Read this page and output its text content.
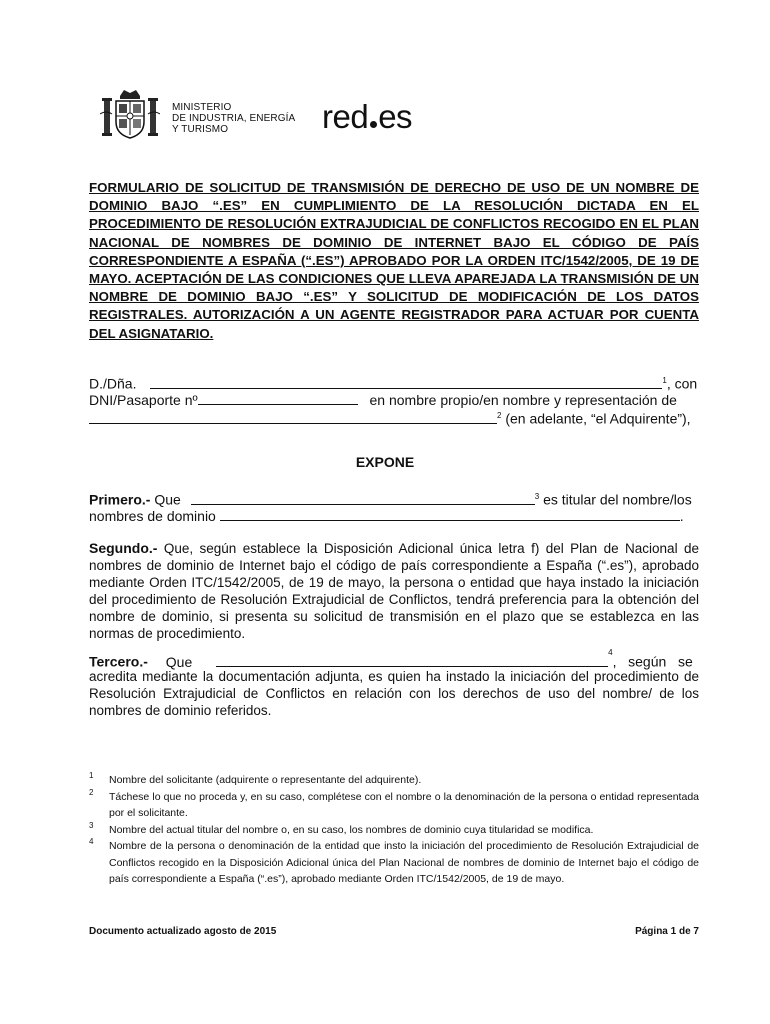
MINISTERIO
DE INDUSTRIA, ENERGÍA
Y TURISMO	red es
FORMULARIO DE SOLICITUD DE TRANSMISIÓN DE DERECHO DE USO DE UN NOMBRE DE DOMINIO BAJO “.ES” EN CUMPLIMIENTO DE LA RESOLUCIÓN DICTADA EN EL PROCEDIMIENTO DE RESOLUCIÓN EXTRAJUDICIAL DE CONFLICTOS RECOGIDO EN EL PLAN NACIONAL DE NOMBRES DE DOMINIO DE INTERNET BAJO EL CÓDIGO DE PAÍS CORRESPONDIENTE A ESPAÑA (“.ES”) APROBADO POR LA ORDEN ITC/1542/2005, DE 19 DE MAYO. ACEPTACIÓN DE LAS CONDICIONES QUE LLEVA APAREJADA LA TRANSMISIÓN DE UN NOMBRE DE DOMINIO BAJO “.ES” Y SOLICITUD DE MODIFICACIÓN DE LOS DATOS REGISTRALES. AUTORIZACIÓN A UN AGENTE REGISTRADOR PARA ACTUAR POR CUENTA DEL ASIGNATARIO.
D./Dña.	$^1$, con
DNI/Pasaporte nº	en nombre propio/en nombre y representación de
$^2$ (en adelante, “el Adquirente”),
EXPONE
Primero.- Que	$^3$ es titular del nombre/los
nombres de dominio	.
Segundo.- Que, según establece la Disposición Adicional única letra f) del Plan de Nacional de nombres de dominio de Internet bajo el código de país correspondiente a España (“.es”), aprobado mediante Orden ITC/1542/2005, de 19 de mayo, la persona o entidad que haya instado la iniciación del procedimiento de Resolución Extrajudicial de Conflictos, tendrá preferencia para la obtención del nombre de dominio, si presenta su solicitud de transmisión en el plazo que se establezca en las normas de procedimiento.
Tercero.- Que $^4$,   según   se
acredita mediante la documentación adjunta, es quien ha instado la iniciación del procedimiento de Resolución Extrajudicial de Conflictos en relación con los derechos de uso del nombre/ de los nombres de dominio referidos.
1 Nombre del solicitante (adquirente o representante del adquirente).
2 Táchese lo que no proceda y, en su caso, complétese con el nombre o la denominación de la persona o entidad representada por el solicitante.
3 Nombre del actual titular del nombre o, en su caso, los nombres de dominio cuya titularidad se modifica.
4 Nombre de la persona o denominación de la entidad que insto la iniciación del procedimiento de Resolución Extrajudicial de Conflictos recogido en la Disposición Adicional única del Plan Nacional de nombres de dominio de Internet bajo el código de país correspondiente a España (“.es”), aprobado mediante Orden ITC/1542/2005, de 19 de mayo.
Documento actualizado agosto de 2015	Página 1 de 7
